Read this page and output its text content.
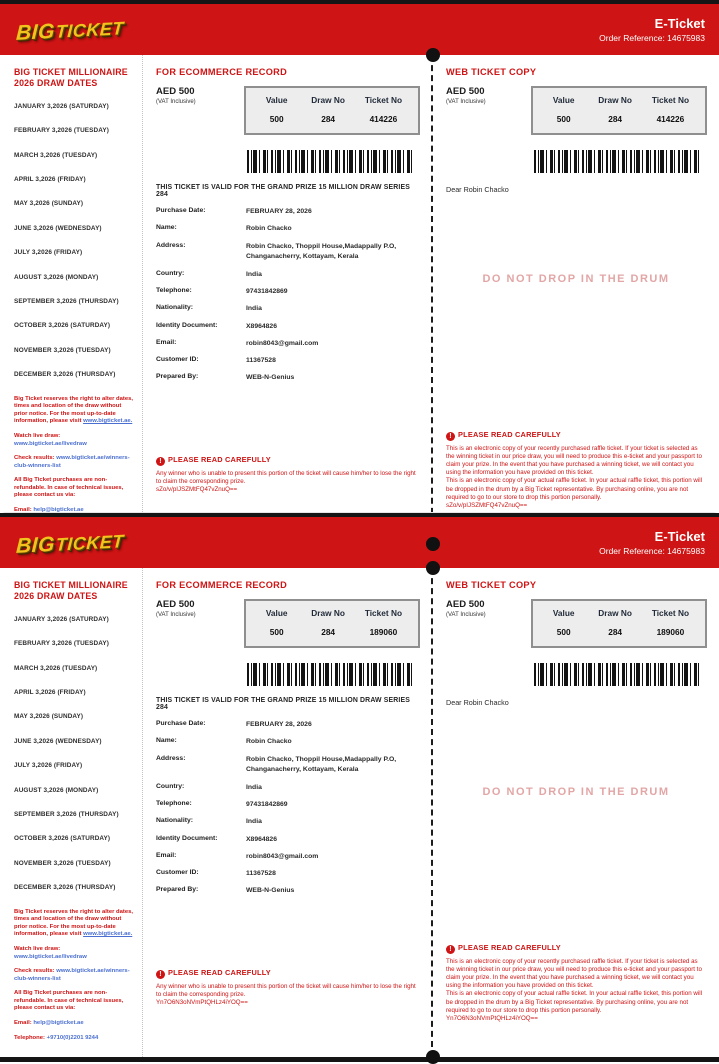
BIGTICKET	E-Ticket
Order Reference: 14675983
BIG TICKET MILLIONAIRE
2026 DRAW DATES
JANUARY 3,2026 (SATURDAY)
FEBRUARY 3,2026 (TUESDAY)
MARCH 3,2026 (TUESDAY)
APRIL 3,2026 (FRIDAY)
MAY 3,2026 (SUNDAY)
JUNE 3,2026 (WEDNESDAY)
JULY 3,2026 (FRIDAY)
AUGUST 3,2026 (MONDAY)
SEPTEMBER 3,2026 (THURSDAY)
OCTOBER 3,2026 (SATURDAY)
NOVEMBER 3,2026 (TUESDAY)
DECEMBER 3,2026 (THURSDAY)

Big Ticket reserves the right to alter dates, times and location of the draw without prior notice. For the most up-to-date information, please visit www.bigticket.ae.

Watch live draw: www.bigticket.ae/livedraw

Check results: www.bigticket.ae/winners-club-winners-list

All Big Ticket purchases are non-refundable. In case of technical issues, please contact us via:

Email: help@bigticket.ae

FOR ECOMMERCE RECORD
AED 500
(VAT Inclusive)	Value	Draw No	Ticket No
500	284	414226
THIS TICKET IS VALID FOR THE GRAND PRIZE 15 MILLION DRAW SERIES 284
Purchase Date:	FEBRUARY 28, 2026
Name:	Robin Chacko
Address:	Robin Chacko, Thoppil House,Madappally P.O, Changanacherry, Kottayam, Kerala
Country:	India
Telephone:	97431842869
Nationality:	India
Identity Document:	X8964826
Email:	robin8043@gmail.com
Customer ID:	11367528
Prepared By:	WEB-N-Genius
! PLEASE READ CAREFULLY
Any winner who is unable to present this portion of the ticket will cause him/her to lose the right to claim the corresponding prize.
sZo/v/pIJSZMtFQ47vZnuQ==
WEB TICKET COPY
AED 500
(VAT Inclusive)	Value	Draw No	Ticket No
500	284	414226
Dear Robin Chacko
DO NOT DROP IN THE DRUM
! PLEASE READ CAREFULLY
This is an electronic copy of your recently purchased raffle ticket. If your ticket is selected as the winning ticket in our price draw, you will need to produce this e-ticket and your passport to claim your prize. In the event that you have purchased a winning ticket, we will contact you using the information you have provided on this ticket.
This is an electronic copy of your actual raffle ticket. In your actual raffle ticket, this portion will be dropped in the drum by a Big Ticket representative. By purchasing online, you are not required to go to our store to drop this portion personally.
sZo/v/pIJSZMtFQ47vZnuQ==
BIGTICKET	E-Ticket
Order Reference: 14675983
BIG TICKET MILLIONAIRE
2026 DRAW DATES
JANUARY 3,2026 (SATURDAY)
FEBRUARY 3,2026 (TUESDAY)
MARCH 3,2026 (TUESDAY)
APRIL 3,2026 (FRIDAY)
MAY 3,2026 (SUNDAY)
JUNE 3,2026 (WEDNESDAY)
JULY 3,2026 (FRIDAY)
AUGUST 3,2026 (MONDAY)
SEPTEMBER 3,2026 (THURSDAY)
OCTOBER 3,2026 (SATURDAY)
NOVEMBER 3,2026 (TUESDAY)
DECEMBER 3,2026 (THURSDAY)

Big Ticket reserves the right to alter dates, times and location of the draw without prior notice. For the most up-to-date information, please visit www.bigticket.ae.

Watch live draw: www.bigticket.ae/livedraw

Check results: www.bigticket.ae/winners-club-winners-list

All Big Ticket purchases are non-refundable. In case of technical issues, please contact us via:

Email: help@bigticket.ae

Telephone: +9710(0)2201 9244

FOR ECOMMERCE RECORD
AED 500
(VAT Inclusive)	Value	Draw No	Ticket No
500	284	189060
THIS TICKET IS VALID FOR THE GRAND PRIZE 15 MILLION DRAW SERIES 284
Purchase Date:	FEBRUARY 28, 2026
Name:	Robin Chacko
Address:	Robin Chacko, Thoppil House,Madappally P.O, Changanacherry, Kottayam, Kerala
Country:	India
Telephone:	97431842869
Nationality:	India
Identity Document:	X8964826
Email:	robin8043@gmail.com
Customer ID:	11367528
Prepared By:	WEB-N-Genius
! PLEASE READ CAREFULLY
Any winner who is unable to present this portion of the ticket will cause him/her to lose the right to claim the corresponding prize.
Yn7O6N3oNVmPtQHLz4iYOQ==
WEB TICKET COPY
AED 500
(VAT Inclusive)	Value	Draw No	Ticket No
500	284	189060
Dear Robin Chacko
DO NOT DROP IN THE DRUM
! PLEASE READ CAREFULLY
This is an electronic copy of your recently purchased raffle ticket. If your ticket is selected as the winning ticket in our price draw, you will need to produce this e-ticket and your passport to claim your prize. In the event that you have purchased a winning ticket, we will contact you using the information you have provided on this ticket.
This is an electronic copy of your actual raffle ticket. In your actual raffle ticket, this portion will be dropped in the drum by a Big Ticket representative. By purchasing online, you are not required to go to our store to drop this portion personally.
Yn7O6N3oNVmPtQHLz4iYOQ==
